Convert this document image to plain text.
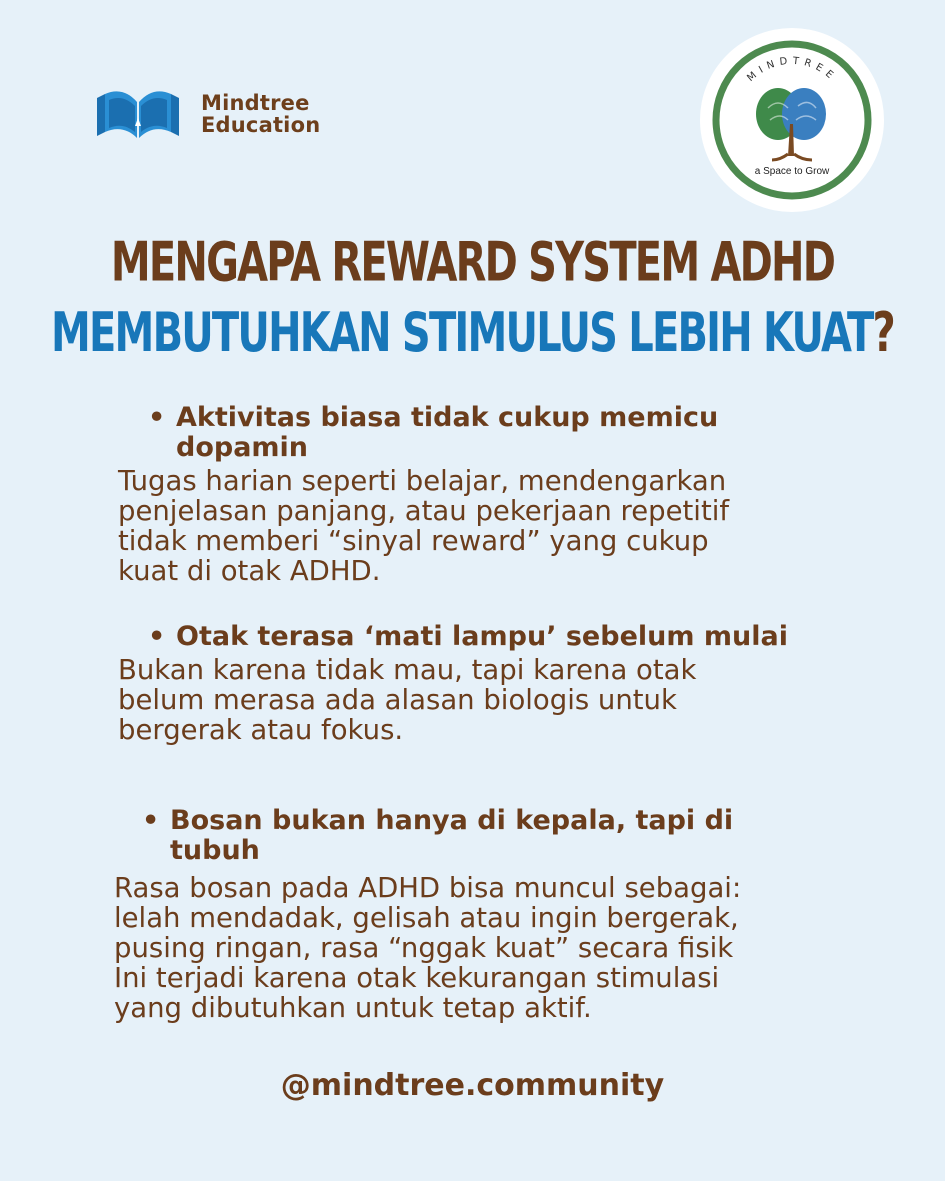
Mindtree
Education
MINDTREE
a Space to Grow
MENGAPA REWARD SYSTEM ADHD
MEMBUTUHKAN STIMULUS LEBIH KUAT?
• Aktivitas biasa tidak cukup memicu dopamin
Tugas harian seperti belajar, mendengarkan
penjelasan panjang, atau pekerjaan repetitif
tidak memberi “sinyal reward” yang cukup
kuat di otak ADHD.
• Otak terasa ‘mati lampu’ sebelum mulai
Bukan karena tidak mau, tapi karena otak
belum merasa ada alasan biologis untuk
bergerak atau fokus.
• Bosan bukan hanya di kepala, tapi di tubuh
Rasa bosan pada ADHD bisa muncul sebagai:
lelah mendadak, gelisah atau ingin bergerak,
pusing ringan, rasa “nggak kuat” secara fisik
Ini terjadi karena otak kekurangan stimulasi
yang dibutuhkan untuk tetap aktif.
@mindtree.community
